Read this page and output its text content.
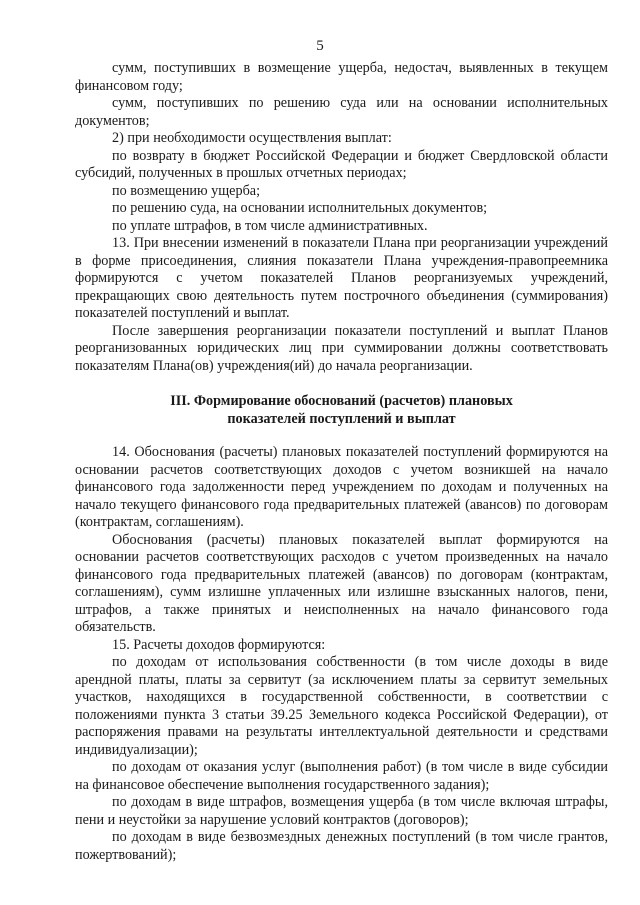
5

сумм, поступивших в возмещение ущерба, недостач, выявленных в текущем финансовом году;

сумм, поступивших по решению суда или на основании исполнительных документов;

2) при необходимости осуществления выплат:

по возврату в бюджет Российской Федерации и бюджет Свердловской области субсидий, полученных в прошлых отчетных периодах;

по возмещению ущерба;

по решению суда, на основании исполнительных документов;

по уплате штрафов, в том числе административных.

13. При внесении изменений в показатели Плана при реорганизации учреждений в форме присоединения, слияния показатели Плана учреждения-правопреемника формируются с учетом показателей Планов реорганизуемых учреждений, прекращающих свою деятельность путем построчного объединения (суммирования) показателей поступлений и выплат.

После завершения реорганизации показатели поступлений и выплат Планов реорганизованных юридических лиц при суммировании должны соответствовать показателям Плана(ов) учреждения(ий) до начала реорганизации.

III. Формирование обоснований (расчетов) плановых

показателей поступлений и выплат

14. Обоснования (расчеты) плановых показателей поступлений формируются на основании расчетов соответствующих доходов с учетом возникшей на начало финансового года задолженности перед учреждением по доходам и полученных на начало текущего финансового года предварительных платежей (авансов) по договорам (контрактам, соглашениям).

Обоснования (расчеты) плановых показателей выплат формируются на основании расчетов соответствующих расходов с учетом произведенных на начало финансового года предварительных платежей (авансов) по договорам (контрактам, соглашениям), сумм излишне уплаченных или излишне взысканных налогов, пени, штрафов, а также принятых и неисполненных на начало финансового года обязательств.

15. Расчеты доходов формируются:

по доходам от использования собственности (в том числе доходы в виде арендной платы, платы за сервитут (за исключением платы за сервитут земельных участков, находящихся в государственной собственности, в соответствии с положениями пункта 3 статьи 39.25 Земельного кодекса Российской Федерации), от распоряжения правами на результаты интеллектуальной деятельности и средствами индивидуализации);

по доходам от оказания услуг (выполнения работ) (в том числе в виде субсидии на финансовое обеспечение выполнения государственного задания);

по доходам в виде штрафов, возмещения ущерба (в том числе включая штрафы, пени и неустойки за нарушение условий контрактов (договоров);

по доходам в виде безвозмездных денежных поступлений (в том числе грантов, пожертвований);
